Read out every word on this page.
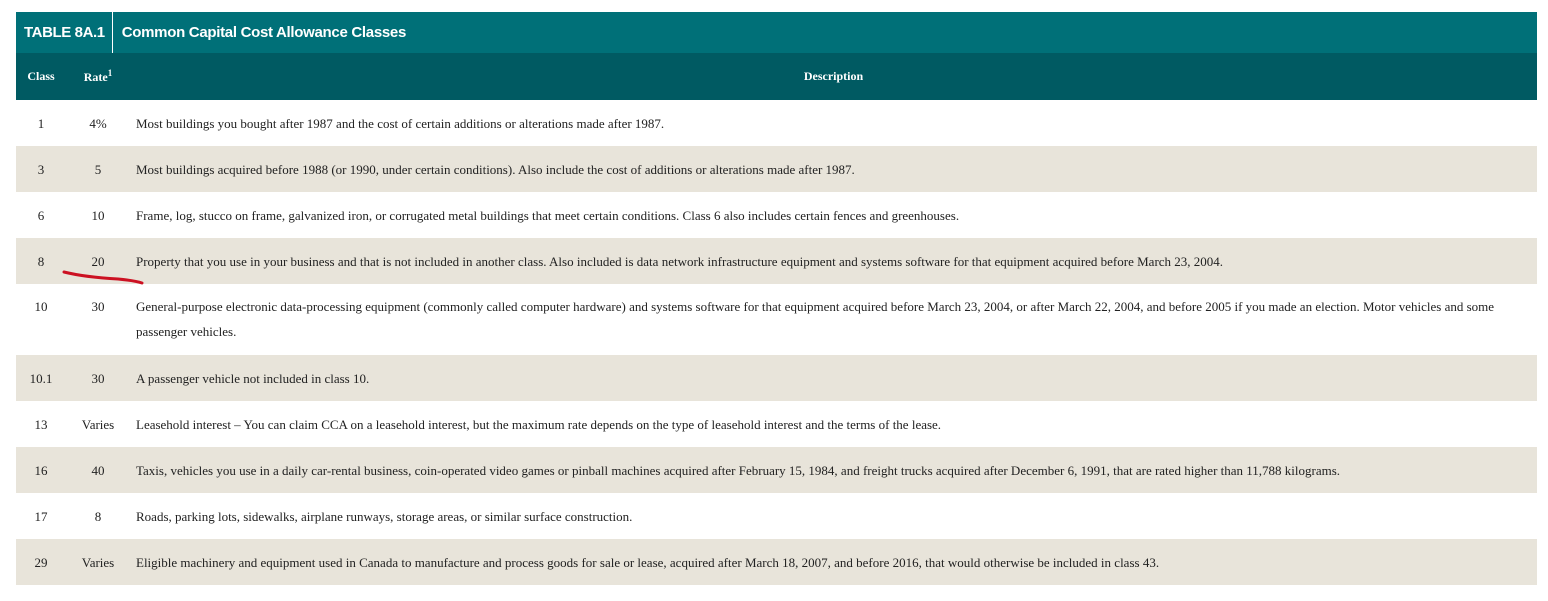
TABLE 8A.1	Common Capital Cost Allowance Classes
Class	Rate$^1$	Description
1	4%	Most buildings you bought after 1987 and the cost of certain additions or alterations made after 1987.
3	5	Most buildings acquired before 1988 (or 1990, under certain conditions). Also include the cost of additions or alterations made after 1987.
6	10	Frame, log, stucco on frame, galvanized iron, or corrugated metal buildings that meet certain conditions. Class 6 also includes certain fences and greenhouses.
8	20	Property that you use in your business and that is not included in another class. Also included is data network infrastructure equipment and systems software for that equipment acquired before March 23, 2004.
10	30	General-purpose electronic data-processing equipment (commonly called computer hardware) and systems software for that equipment acquired before March 23, 2004, or after March 22, 2004, and before 2005 if you made an election. Motor vehicles and some passenger vehicles.
10.1	30	A passenger vehicle not included in class 10.
13	Varies	Leasehold interest – You can claim CCA on a leasehold interest, but the maximum rate depends on the type of leasehold interest and the terms of the lease.
16	40	Taxis, vehicles you use in a daily car-rental business, coin-operated video games or pinball machines acquired after February 15, 1984, and freight trucks acquired after December 6, 1991, that are rated higher than 11,788 kilograms.
17	8	Roads, parking lots, sidewalks, airplane runways, storage areas, or similar surface construction.
29	Varies	Eligible machinery and equipment used in Canada to manufacture and process goods for sale or lease, acquired after March 18, 2007, and before 2016, that would otherwise be included in class 43.
